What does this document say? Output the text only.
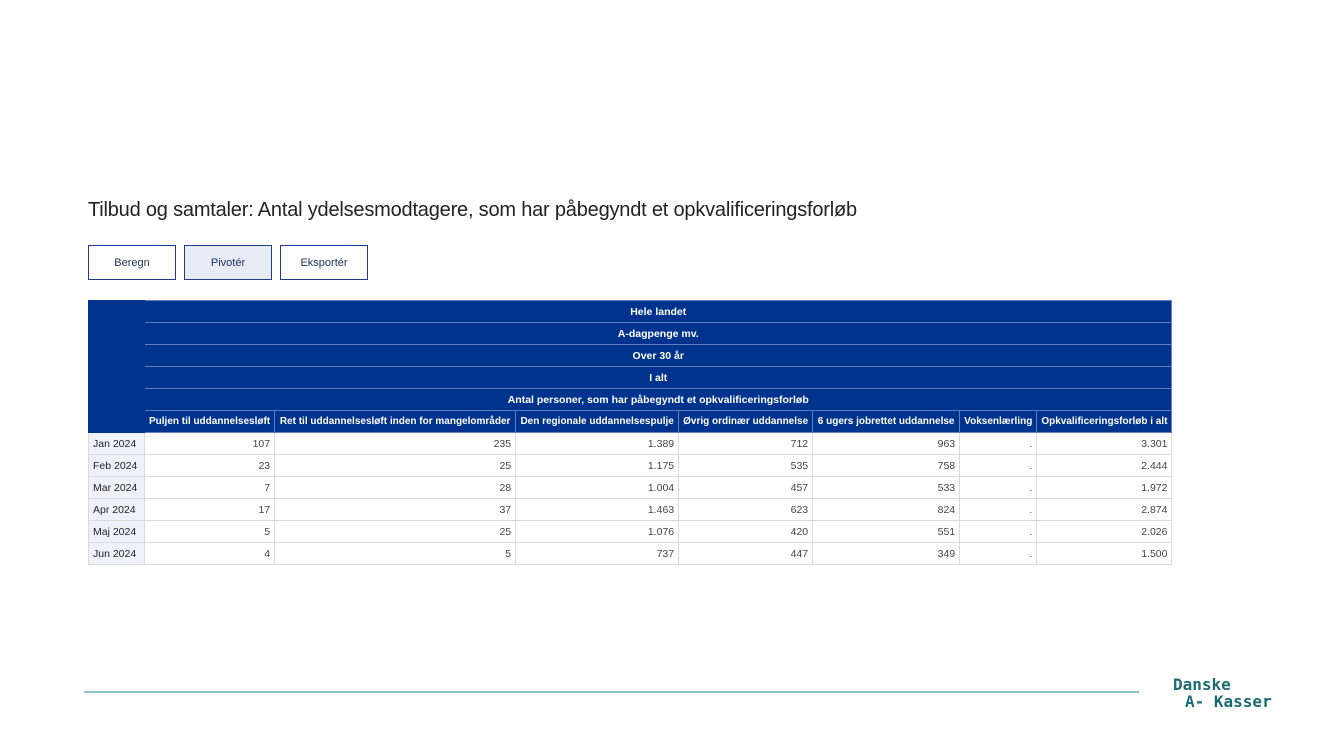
Tilbud og samtaler: Antal ydelsesmodtagere, som har påbegyndt et opkvalificeringsforløb
Beregn	Pivotér	Eksportér
	Hele landet						
	A-dagpenge mv.						
	Over 30 år						
	I alt						
	Antal personer, som har påbegyndt et opkvalificeringsforløb						
	Puljen til uddannelsesløft	Ret til uddannelsesløft inden for mangelområder	Den regionale uddannelsespulje	Øvrig ordinær uddannelse	6 ugers jobrettet uddannelse	Voksenlærling	Opkvalificeringsforløb i alt
Jan 2024	107	235	1.389	712	963	.	3.301
Feb 2024	23	25	1.175	535	758	.	2.444
Mar 2024	7	28	1.004	457	533	.	1.972
Apr 2024	17	37	1.463	623	824	.	2.874
Maj 2024	5	25	1.076	420	551	.	2.026
Jun 2024	4	5	737	447	349	.	1.500
Danske
A- Kasser
